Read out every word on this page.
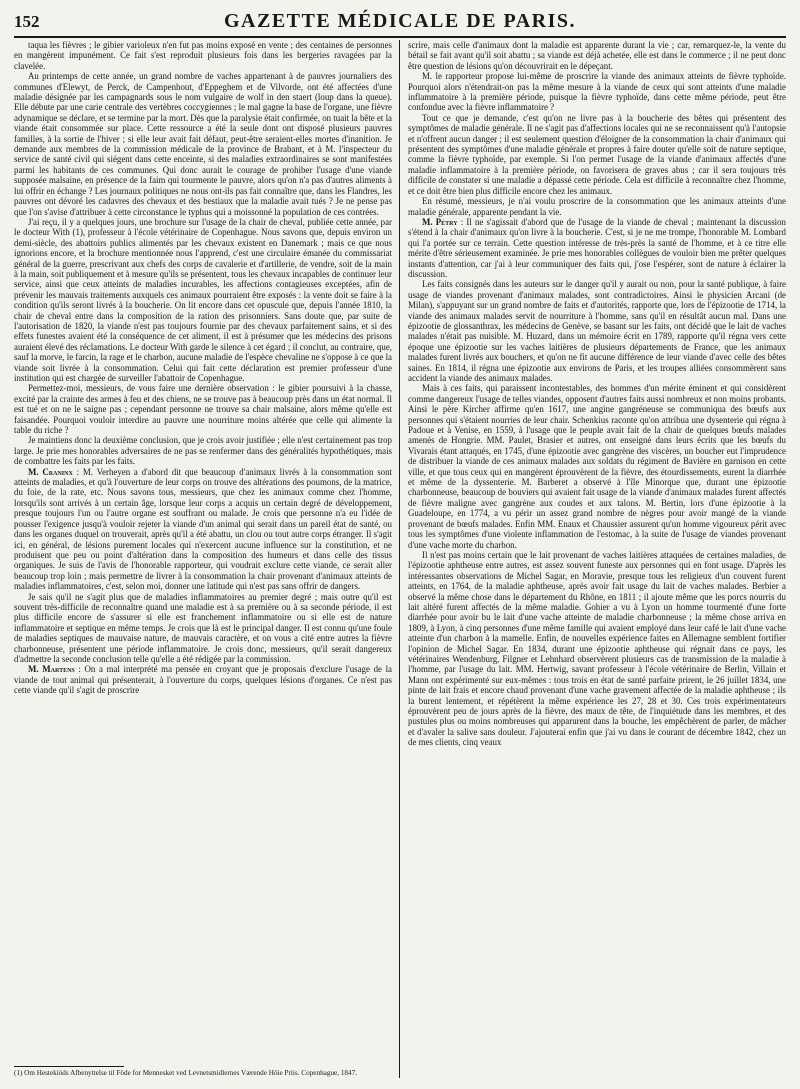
152	GAZETTE MÉDICALE DE PARIS.

taqua les fièvres ; le gibier varioleux n'en fut pas moins exposé en vente ; des centaines de personnes en mangèrent impunément. Ce fait s'est reproduit plusieurs fois dans les bergeries ravagées par la clavelée.

Au printemps de cette année, un grand nombre de vaches appartenant à de pauvres journaliers des communes d'Elewyt, de Perck, de Campenhout, d'Eppeghem et de Vilvorde, ont été affectées d'une maladie désignée par les campagnards sous le nom vulgaire de wolf in den staert (loup dans la queue). Elle débute par une carie centrale des vertèbres coccygiennes ; le mal gagne la base de l'organe, une fièvre adynamique se déclare, et se termine par la mort. Dès que la paralysie était confirmée, on tuait la bête et la viande était consommée sur place. Cette ressource a été la seule dont ont disposé plusieurs pauvres familles, à la sortie de l'hiver ; si elle leur avait fait défaut, peut-être seraient-elles mortes d'inanition. Je demande aux membres de la commission médicale de la province de Brabant, et à M. l'inspecteur du service de santé civil qui siégent dans cette enceinte, si des maladies extraordinaires se sont manifestées parmi les habitants de ces communes. Qui donc aurait le courage de prohiber l'usage d'une viande supposée malsaine, en présence de la faim qui tourmente le pauvre, alors qu'on n'a pas d'autres aliments à lui offrir en échange ? Les journaux politiques ne nous ont-ils pas fait connaître que, dans les Flandres, les pauvres ont dévoré les cadavres des chevaux et des bestiaux que la maladie avait tués ? Je ne pense pas que l'on s'avise d'attribuer à cette circonstance le typhus qui a moissonné la population de ces contrées.

J'ai reçu, il y a quelques jours, une brochure sur l'usage de la chair de cheval, publiée cette année, par le docteur With (1), professeur à l'école vétérinaire de Copenhague. Nous savons que, depuis environ un demi-siècle, des abattoirs publics alimentés par les chevaux existent en Danemark ; mais ce que nous ignorions encore, et la brochure mentionnée nous l'apprend, c'est une circulaire émanée du commissariat général de la guerre, prescrivant aux chefs des corps de cavalerie et d'artillerie, de vendre, soit de la main à la main, soit publiquement et à mesure qu'ils se présentent, tous les chevaux incapables de continuer leur service, ainsi que ceux atteints de maladies incurables, les affections contagieuses exceptées, afin de prévenir les mauvais traitements auxquels ces animaux pourraient être exposés : la vente doit se faire à la condition qu'ils seront livrés à la boucherie. On lit encore dans cet opuscule que, depuis l'année 1810, la chair de cheval entre dans la composition de la ration des prisonniers. Sans doute que, par suite de l'autorisation de 1820, la viande n'est pas toujours fournie par des chevaux parfaitement sains, et si des effets funestes avaient été la conséquence de cet aliment, il est à présumer que les médecins des prisons auraient élevé des réclamations. Le docteur With garde le silence à cet égard ; il conclut, au contraire, que, sauf la morve, le farcin, la rage et le charbon, aucune maladie de l'espèce chevaline ne s'oppose à ce que la viande soit livrée à la consommation. Celui qui fait cette déclaration est premier professeur d'une institution qui est chargée de surveiller l'abattoir de Copenhague.

Permettez-moi, messieurs, de vous faire une dernière observation : le gibier poursuivi à la chasse, excité par la crainte des armes à feu et des chiens, ne se trouve pas à beaucoup près dans un état normal. Il est tué et on ne le saigne pas ; cependant personne ne trouve sa chair malsaine, alors même qu'elle est faisandée. Pourquoi vouloir interdire au pauvre une nourriture moins altérée que celle qui alimente la table du riche ?

Je maintiens donc la deuxième conclusion, que je crois avoir justifiée ; elle n'est certainement pas trop large. Je prie mes honorables adversaires de ne pas se renfermer dans des généralités hypothétiques, mais de combattre les faits par les faits.

M. Craninx : M. Verheyen a d'abord dit que beaucoup d'animaux livrés à la consommation sont atteints de maladies, et qu'à l'ouverture de leur corps on trouve des altérations des poumons, de la matrice, du foie, de la rate, etc. Nous savons tous, messieurs, que chez les animaux comme chez l'homme, lorsqu'ils sont arrivés à un certain âge, lorsque leur corps a acquis un certain degré de développement, presque toujours l'un ou l'autre organe est souffrant ou malade. Je crois que personne n'a eu l'idée de pousser l'exigence jusqu'à vouloir rejeter la viande d'un animal qui serait dans un pareil état de santé, ou dans les organes duquel on trouverait, après qu'il a été abattu, un clou ou tout autre corps étranger. Il s'agit ici, en général, de lésions purement locales qui n'exercent aucune influence sur la constitution, et ne produisent que peu ou point d'altération dans la composition des humeurs et dans celle des tissus organiques. Je suis de l'avis de l'honorable rapporteur, qui voudrait exclure cette viande, ce serait aller beaucoup trop loin ; mais permettre de livrer à la consommation la chair provenant d'animaux atteints de maladies inflammatoires, c'est, selon moi, donner une latitude qui n'est pas sans offrir de dangers.

Je sais qu'il ne s'agit plus que de maladies inflammatoires au premier degré ; mais outre qu'il est souvent très-difficile de reconnaître quand une maladie est à sa première ou à sa seconde période, il est plus difficile encore de s'assurer si elle est franchement inflammatoire ou si elle est de nature inflammatoire et septique en même temps. Je crois que là est le principal danger. Il est connu qu'une foule de maladies septiques de mauvaise nature, de mauvais caractère, et on vous a cité entre autres la fièvre charbonneuse, présentent une période inflammatoire. Je crois donc, messieurs, qu'il serait dangereux d'admettre la seconde conclusion telle qu'elle a été rédigée par la commission.

M. Martens : On a mal interprété ma pensée en croyant que je proposais d'exclure l'usage de la viande de tout animal qui présenterait, à l'ouverture du corps, quelques lésions d'organes. Ce n'est pas cette viande qu'il s'agit de proscrire

scrire, mais celle d'animaux dont la maladie est apparente durant la vie ; car, remarquez-le, la vente du bétail se fait avant qu'il soit abattu ; sa viande est déjà achetée, elle est dans le commerce ; il ne peut donc être question de lésions qu'on découvrirait en le dépeçant.

M. le rapporteur propose lui-même de proscrire la viande des animaux atteints de fièvre typhoïde. Pourquoi alors n'étendrait-on pas la même mesure à la viande de ceux qui sont atteints d'une maladie inflammatoire à la première période, puisque la fièvre typhoïde, dans cette même période, peut être confondue avec la fièvre inflammatoire ?

Tout ce que je demande, c'est qu'on ne livre pas à la boucherie des bêtes qui présentent des symptômes de maladie générale. Il ne s'agit pas d'affections locales qui ne se reconnaissent qu'à l'autopsie et n'offrent aucun danger ; il est seulement question d'éloigner de la consommation la chair d'animaux qui présentent des symptômes d'une maladie générale et propres à faire douter qu'elle soit de nature septique, comme la fièvre typhoïde, par exemple. Si l'on permet l'usage de la viande d'animaux affectés d'une maladie inflammatoire à la première période, on favorisera de graves abus ; car il sera toujours très difficile de constater si une maladie a dépassé cette période. Cela est difficile à reconnaître chez l'homme, et ce doit être bien plus difficile encore chez les animaux.

En résumé, messieurs, je n'ai voulu proscrire de la consommation que les animaux atteints d'une maladie générale, apparente pendant la vie.

M. Pétry : Il ne s'agissait d'abord que de l'usage de la viande de cheval ; maintenant la discussion s'étend à la chair d'animaux qu'on livre à la boucherie. C'est, si je ne me trompe, l'honorable M. Lombard qui l'a portée sur ce terrain. Cette question intéresse de très-près la santé de l'homme, et à ce titre elle mérite d'être sérieusement examinée. Je prie mes honorables collègues de vouloir bien me prêter quelques instants d'attention, car j'ai à leur communiquer des faits qui, j'ose l'espérer, sont de nature à éclairer la discussion.

Les faits consignés dans les auteurs sur le danger qu'il y aurait ou non, pour la santé publique, à faire usage de viandes provenant d'animaux malades, sont contradictoires. Ainsi le physicien Arcani (de Milan), s'appuyant sur un grand nombre de faits et d'autorités, rapporte que, lors de l'épizootie de 1714, la viande des animaux malades servit de nourriture à l'homme, sans qu'il en résultât aucun mal. Dans une épizootie de glossanthrax, les médecins de Genève, se basant sur les faits, ont décidé que le lait de vaches malades n'était pas nuisible. M. Huzard, dans un mémoire écrit en 1789, rapporte qu'il régna vers cette époque une épizootie sur les vaches laitières de plusieurs départements de France, que les animaux malades furent livrés aux bouchers, et qu'on ne fit aucune différence de leur viande d'avec celle des bêtes saines. En 1814, il régna une épizootie aux environs de Paris, et les troupes alliées consommèrent sans accident la viande des animaux malades.

Mais à ces faits, qui paraissent incontestables, des hommes d'un mérite éminent et qui considèrent comme dangereux l'usage de telles viandes, opposent d'autres faits aussi nombreux et non moins probants. Ainsi le père Kircher affirme qu'en 1617, une angine gangréneuse se communiqua des bœufs aux personnes qui s'étaient nourries de leur chair. Schenkius raconte qu'on attribua une dysenterie qui régna à Padoue et à Venise, en 1559, à l'usage que le peuple avait fait de la chair de quelques bœufs malades amenés de Hongrie. MM. Paulet, Brasier et autres, ont enseigné dans leurs écrits que les bœufs du Vivarais étant attaqués, en 1745, d'une épizootie avec gangrène des viscères, un boucher eut l'imprudence de distribuer la viande de ces animaux malades aux soldats du régiment de Bavière en garnison en cette ville, et que tous ceux qui en mangèrent éprouvèrent de la fièvre, des étourdissements, eurent la diarrhée et même de la dyssenterie. M. Barberet a observé à l'île Minorque que, durant une épizootie charbonneuse, beaucoup de bouviers qui avaient fait usage de la viande d'animaux malades furent affectés de fièvre maligne avec gangrène aux coudes et aux talons. M. Bertin, lors d'une épizootie à la Guadeloupe, en 1774, a vu périr un assez grand nombre de nègres pour avoir mangé de la viande provenant de bœufs malades. Enfin MM. Enaux et Chaussier assurent qu'un homme vigoureux périt avec tous les symptômes d'une violente inflammation de l'estomac, à la suite de l'usage de viandes provenant d'une vache morte du charbon.

Il n'est pas moins certain que le lait provenant de vaches laitières attaquées de certaines maladies, de l'épizootie aphtheuse entre autres, est assez souvent funeste aux personnes qui en font usage. D'après les intéressantes observations de Michel Sagar, en Moravie, presque tous les religieux d'un couvent furent atteints, en 1764, de la maladie aphtheuse, après avoir fait usage du lait de vaches malades. Berbier a observé la même chose dans le département du Rhône, en 1811 ; il ajoute même que les porcs nourris du lait altéré furent affectés de la même maladie. Gohier a vu à Lyon un homme tourmenté d'une forte diarrhée pour avoir bu le lait d'une vache atteinte de maladie charbonneuse ; la même chose arriva en 1809, à Lyon, à cinq personnes d'une même famille qui avaient employé dans leur café le lait d'une vache atteinte d'un charbon à la mamelle. Enfin, de nouvelles expérience faites en Allemagne semblent fortifier l'opinion de Michel Sagar. En 1834, durant une épizootie aphtheuse qui régnait dans ce pays, les vétérinaires Wendenburg, Filgner et Lehnhard observèrent plusieurs cas de transmission de la maladie à l'homme, par l'usage du lait. MM. Hertwig, savant professeur à l'école vétérinaire de Berlin, Villain et Mann ont expérimenté sur eux-mêmes : tous trois en état de santé parfaite prirent, le 26 juillet 1834, une pinte de lait frais et encore chaud provenant d'une vache gravement affectée de la maladie aphtheuse ; ils la burent lentement, et répétèrent la même expérience les 27, 28 et 30. Ces trois expérimentateurs éprouvèrent peu de jours après de la fièvre, des maux de tête, de l'inquiétude dans les membres, et des pustules plus ou moins nombreuses qui apparurent dans la bouche, les empêchèrent de parler, de mâcher et d'avaler la salive sans douleur. J'ajouterai enfin que j'ai vu dans le courant de décembre 1842, chez un de mes clients, cinq veaux

(1) Om Hestekiöds Afbenyttelse til Föde for Mennesket ved Levnetsmidlernes Værende Höie Priis. Copenhague, 1847.
